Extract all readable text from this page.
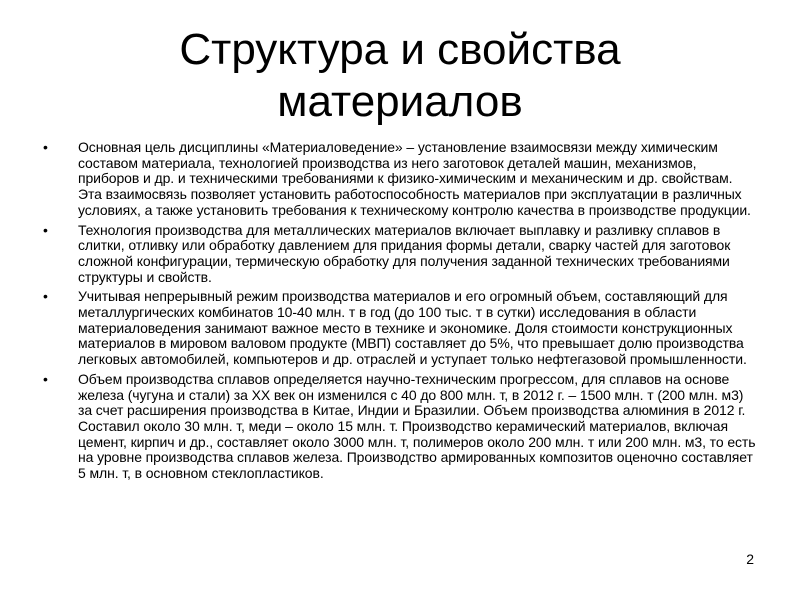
Структура и свойства
материалов
•	Основная цель дисциплины «Материаловедение» – установление взаимосвязи между химическим составом материала, технологией производства из него заготовок деталей машин, механизмов, приборов и др. и техническими требованиями к физико-химическим и механическим и др. свойствам. Эта взаимосвязь позволяет установить работоспособность материалов при эксплуатации в различных условиях, а также установить требования к техническому контролю качества в производстве продукции.
•	Технология производства для металлических материалов включает выплавку и разливку сплавов в слитки, отливку или обработку давлением для придания формы детали, сварку частей для заготовок сложной конфигурации, термическую обработку для получения заданной технических требованиями структуры и свойств.
•	Учитывая непрерывный режим производства материалов и его огромный объем, составляющий для металлургических комбинатов 10-40 млн. т в год (до 100 тыс. т в сутки) исследования в области материаловедения занимают важное место в технике и экономике. Доля стоимости конструкционных материалов в мировом валовом продукте (МВП) составляет до 5%, что превышает долю производства легковых автомобилей, компьютеров и др. отраслей и уступает только нефтегазовой промышленности.
•	Объем производства сплавов определяется научно-техническим прогрессом, для сплавов на основе железа (чугуна и стали) за XX век он изменился с 40 до 800 млн. т, в 2012 г. – 1500 млн. т (200 млн. м3) за счет расширения производства в Китае, Индии и Бразилии. Объем производства алюминия в 2012 г. Составил около 30 млн. т, меди – около 15 млн. т. Производство керамический материалов, включая цемент, кирпич и др., составляет около 3000 млн. т, полимеров около 200 млн. т или 200 млн. м3, то есть на уровне производства сплавов железа. Производство армированных композитов оценочно составляет 5 млн. т, в основном стеклопластиков.
2
